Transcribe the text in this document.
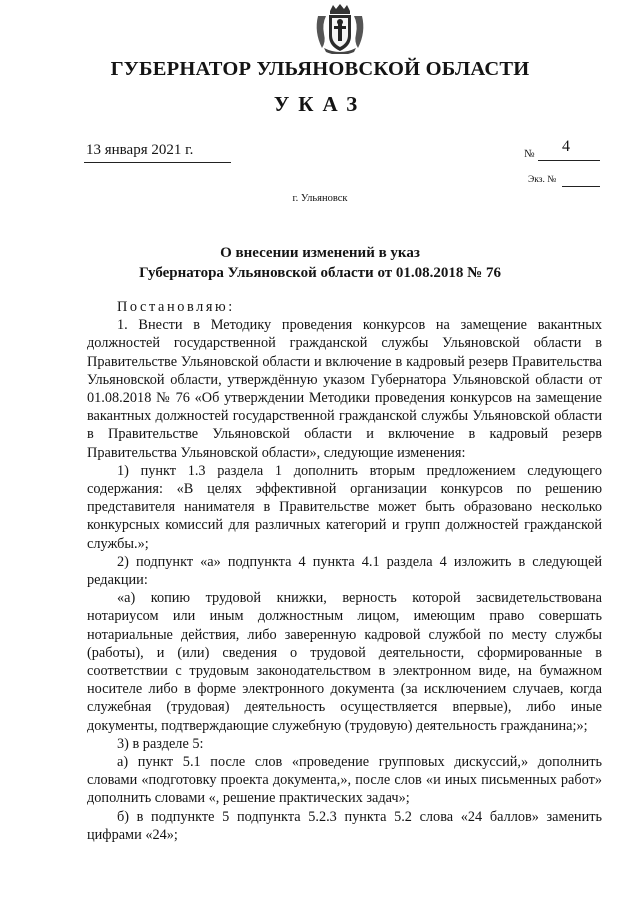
ГУБЕРНАТОР УЛЬЯНОВСКОЙ ОБЛАСТИ
УКАЗ
13 января 2021 г.	№ 4
Экз. №
г. Ульяновск
О внесении изменений в указ
Губернатора Ульяновской области от 01.08.2018 № 76

Постановляю:

1. Внести в Методику проведения конкурсов на замещение вакантных должностей государственной гражданской службы Ульяновской области в Правительстве Ульяновской области и включение в кадровый резерв Правительства Ульяновской области, утверждённую указом Губернатора Ульяновской области от 01.08.2018 № 76 «Об утверждении Методики проведения конкурсов на замещение вакантных должностей государственной гражданской службы Ульяновской области в Правительстве Ульяновской области и включение в кадровый резерв Правительства Ульяновской области», следующие изменения:

1) пункт 1.3 раздела 1 дополнить вторым предложением следующего содержания: «В целях эффективной организации конкурсов по решению представителя нанимателя в Правительстве может быть образовано несколько конкурсных комиссий для различных категорий и групп должностей гражданской службы.»;

2) подпункт «а» подпункта 4 пункта 4.1 раздела 4 изложить в следующей редакции:

«а) копию трудовой книжки, верность которой засвидетельствована нотариусом или иным должностным лицом, имеющим право совершать нотариальные действия, либо заверенную кадровой службой по месту службы (работы), и (или) сведения о трудовой деятельности, сформированные в соответствии с трудовым законодательством в электронном виде, на бумажном носителе либо в форме электронного документа (за исключением случаев, когда служебная (трудовая) деятельность осуществляется впервые), либо иные документы, подтверждающие служебную (трудовую) деятельность гражданина;»;

3) в разделе 5:

а) пункт 5.1 после слов «проведение групповых дискуссий,» дополнить словами «подготовку проекта документа,», после слов «и иных письменных работ» дополнить словами «, решение практических задач»;

б) в подпункте 5 подпункта 5.2.3 пункта 5.2 слова «24 баллов» заменить цифрами «24»;
